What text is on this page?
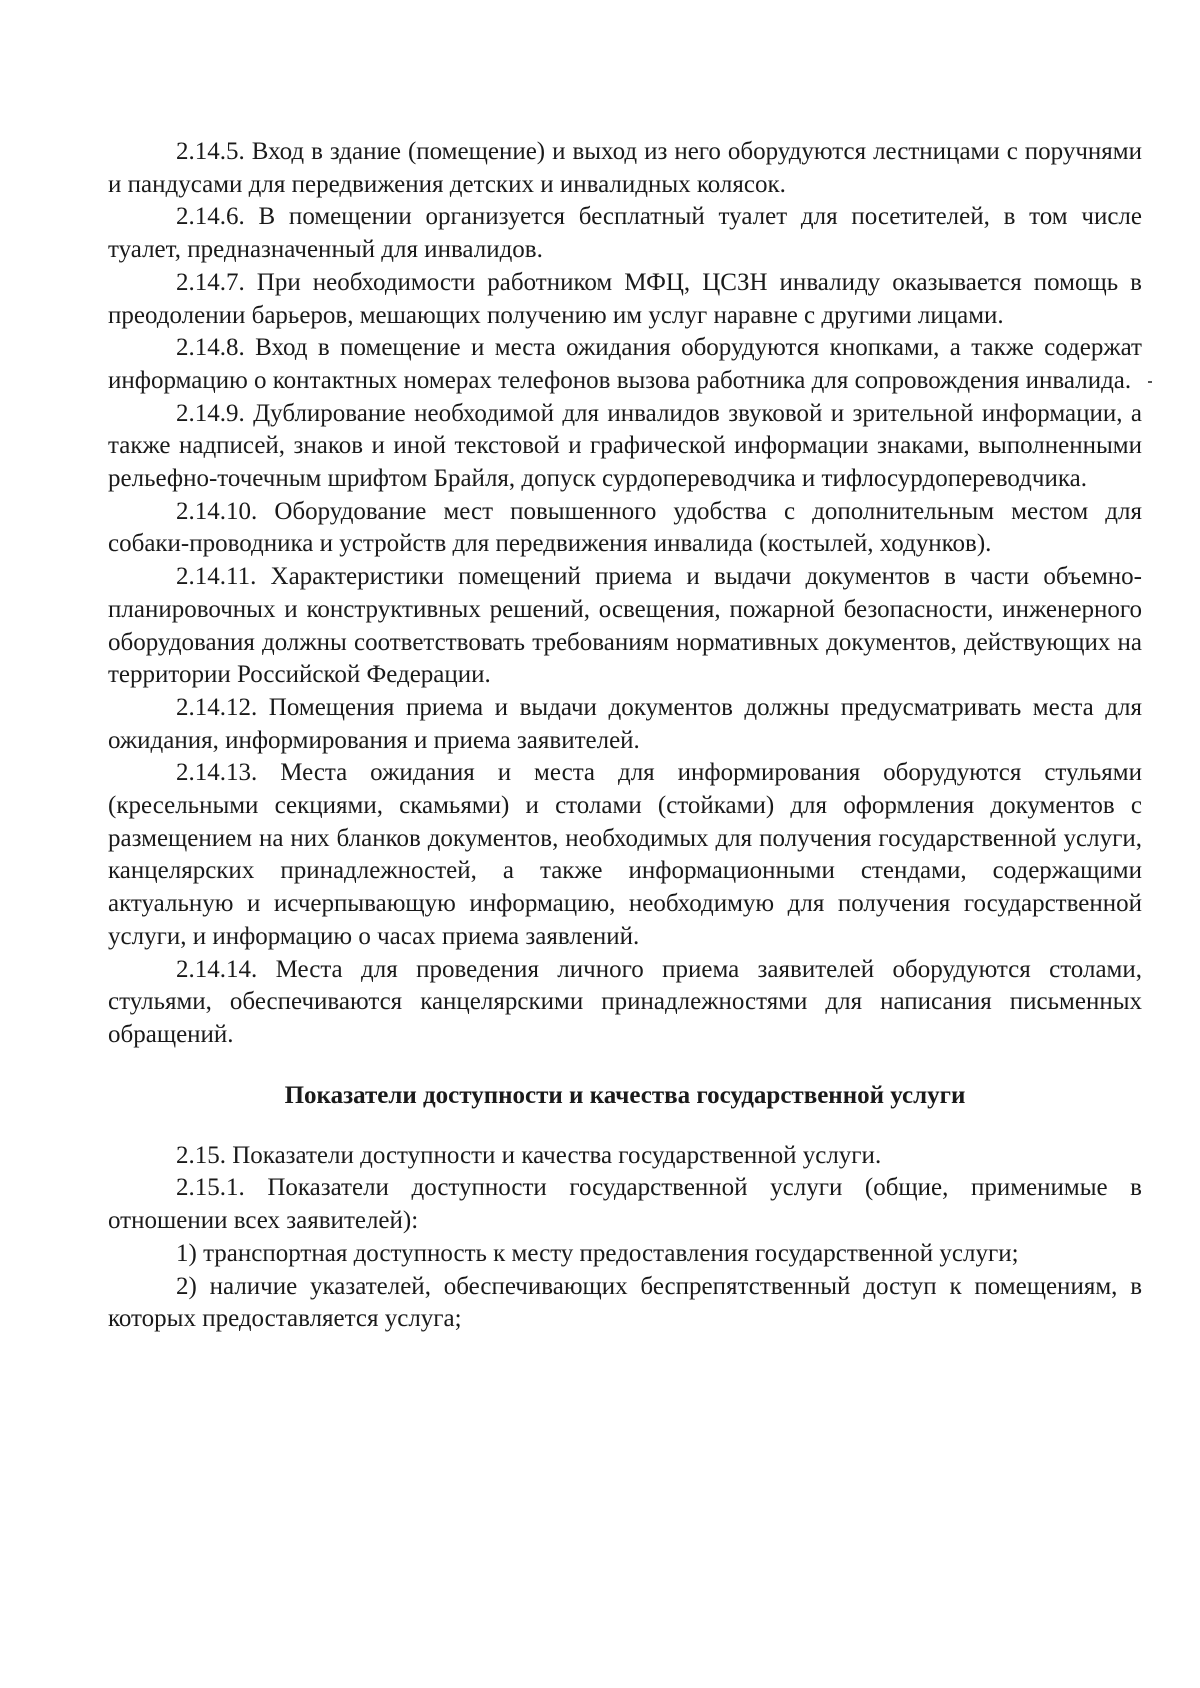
2.14.5. Вход в здание (помещение) и выход из него оборудуются лестницами с поручнями и пандусами для передвижения детских и инвалидных колясок.

2.14.6. В помещении организуется бесплатный туалет для посетителей, в том числе туалет, предназначенный для инвалидов.

2.14.7. При необходимости работником МФЦ, ЦСЗН инвалиду оказывается помощь в преодолении барьеров, мешающих получению им услуг наравне с другими лицами.

2.14.8. Вход в помещение и места ожидания оборудуются кнопками, а также содержат информацию о контактных номерах телефонов вызова работника для сопровождения инвалида.

2.14.9. Дублирование необходимой для инвалидов звуковой и зрительной информации, а также надписей, знаков и иной текстовой и графической информации знаками, выполненными рельефно-точечным шрифтом Брайля, допуск сурдопереводчика и тифлосурдопереводчика.

2.14.10. Оборудование мест повышенного удобства с дополнительным местом для собаки-проводника и устройств для передвижения инвалида (костылей, ходунков).

2.14.11. Характеристики помещений приема и выдачи документов в части объемно-планировочных и конструктивных решений, освещения, пожарной безопасности, инженерного оборудования должны соответствовать требованиям нормативных документов, действующих на территории Российской Федерации.

2.14.12. Помещения приема и выдачи документов должны предусматривать места для ожидания, информирования и приема заявителей.

2.14.13. Места ожидания и места для информирования оборудуются стульями (кресельными секциями, скамьями) и столами (стойками) для оформления документов с размещением на них бланков документов, необходимых для получения государственной услуги, канцелярских принадлежностей, а также информационными стендами, содержащими актуальную и исчерпывающую информацию, необходимую для получения государственной услуги, и информацию о часах приема заявлений.

2.14.14. Места для проведения личного приема заявителей оборудуются столами, стульями, обеспечиваются канцелярскими принадлежностями для написания письменных обращений.

Показатели доступности и качества государственной услуги

2.15. Показатели доступности и качества государственной услуги.

2.15.1. Показатели доступности государственной услуги (общие, применимые в отношении всех заявителей):

1) транспортная доступность к месту предоставления государственной услуги;

2) наличие указателей, обеспечивающих беспрепятственный доступ к помещениям, в которых предоставляется услуга;
